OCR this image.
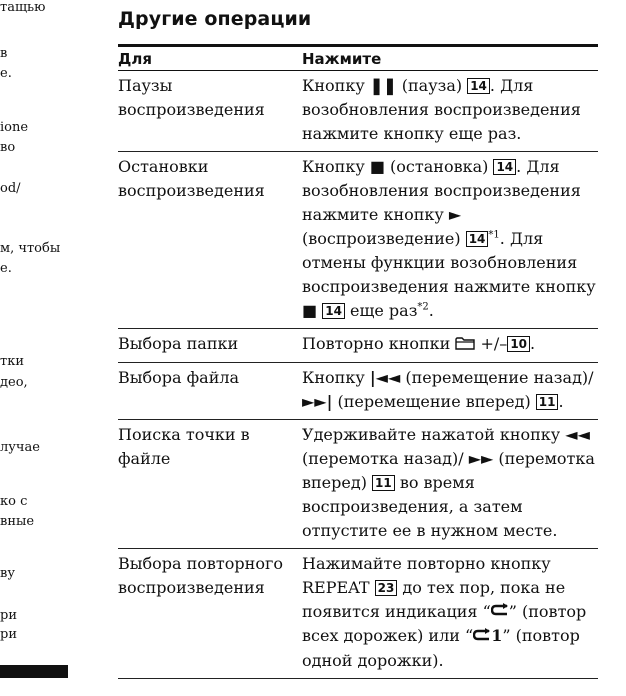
тащью
в
е.
ione
во
od/
м, чтобы
е.
тки
део,
лучае
ко с
вные
ву
ри
ри
Другие операции
Для	Нажмите
Паузы воспроизведения	Кнопку ❚❚ (пауза) 14 . Для возобновления воспроизведения нажмите кнопку еще раз.
Остановки воспроизведения	Кнопку ■ (остановка) 14 . Для возобновления воспроизведения нажмите кнопку ► (воспроизведение) 14 $^{*1}$. Для отмены функции возобновления воспроизведения нажмите кнопку ■ 14 еще раз$^{*2}$.
Выбора папки	Повторно кнопки  +/– 10 .
Выбора файла	Кнопку |◄◄ (перемещение назад)/ ►►| (перемещение вперед) 11 .
Поиска точки в файле	Удерживайте нажатой кнопку ◄◄ (перемотка назад)/ ►► (перемотка вперед) 11 во время воспроизведения, а затем отпустите ее в нужном месте.
Выбора повторного воспроизведения	Нажимайте повторно кнопку REPEAT 23 до тех пор, пока не появится индикация “ ” (повтор всех дорожек) или “ 1” (повтор одной дорожки).
